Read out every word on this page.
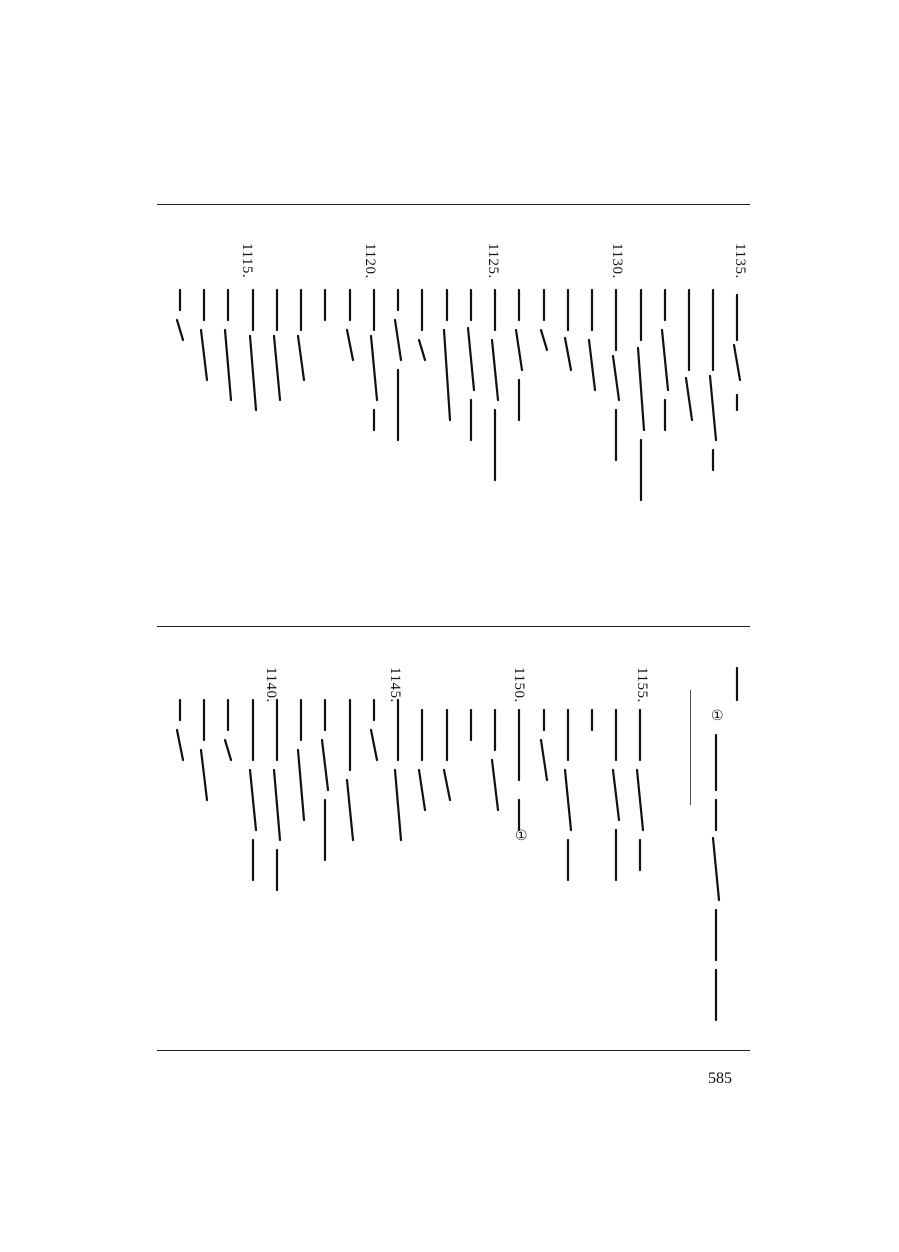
1135.
1130.
1125.
1120.
1115.
1155.
1150.
1145.
1140.
①
①
585
